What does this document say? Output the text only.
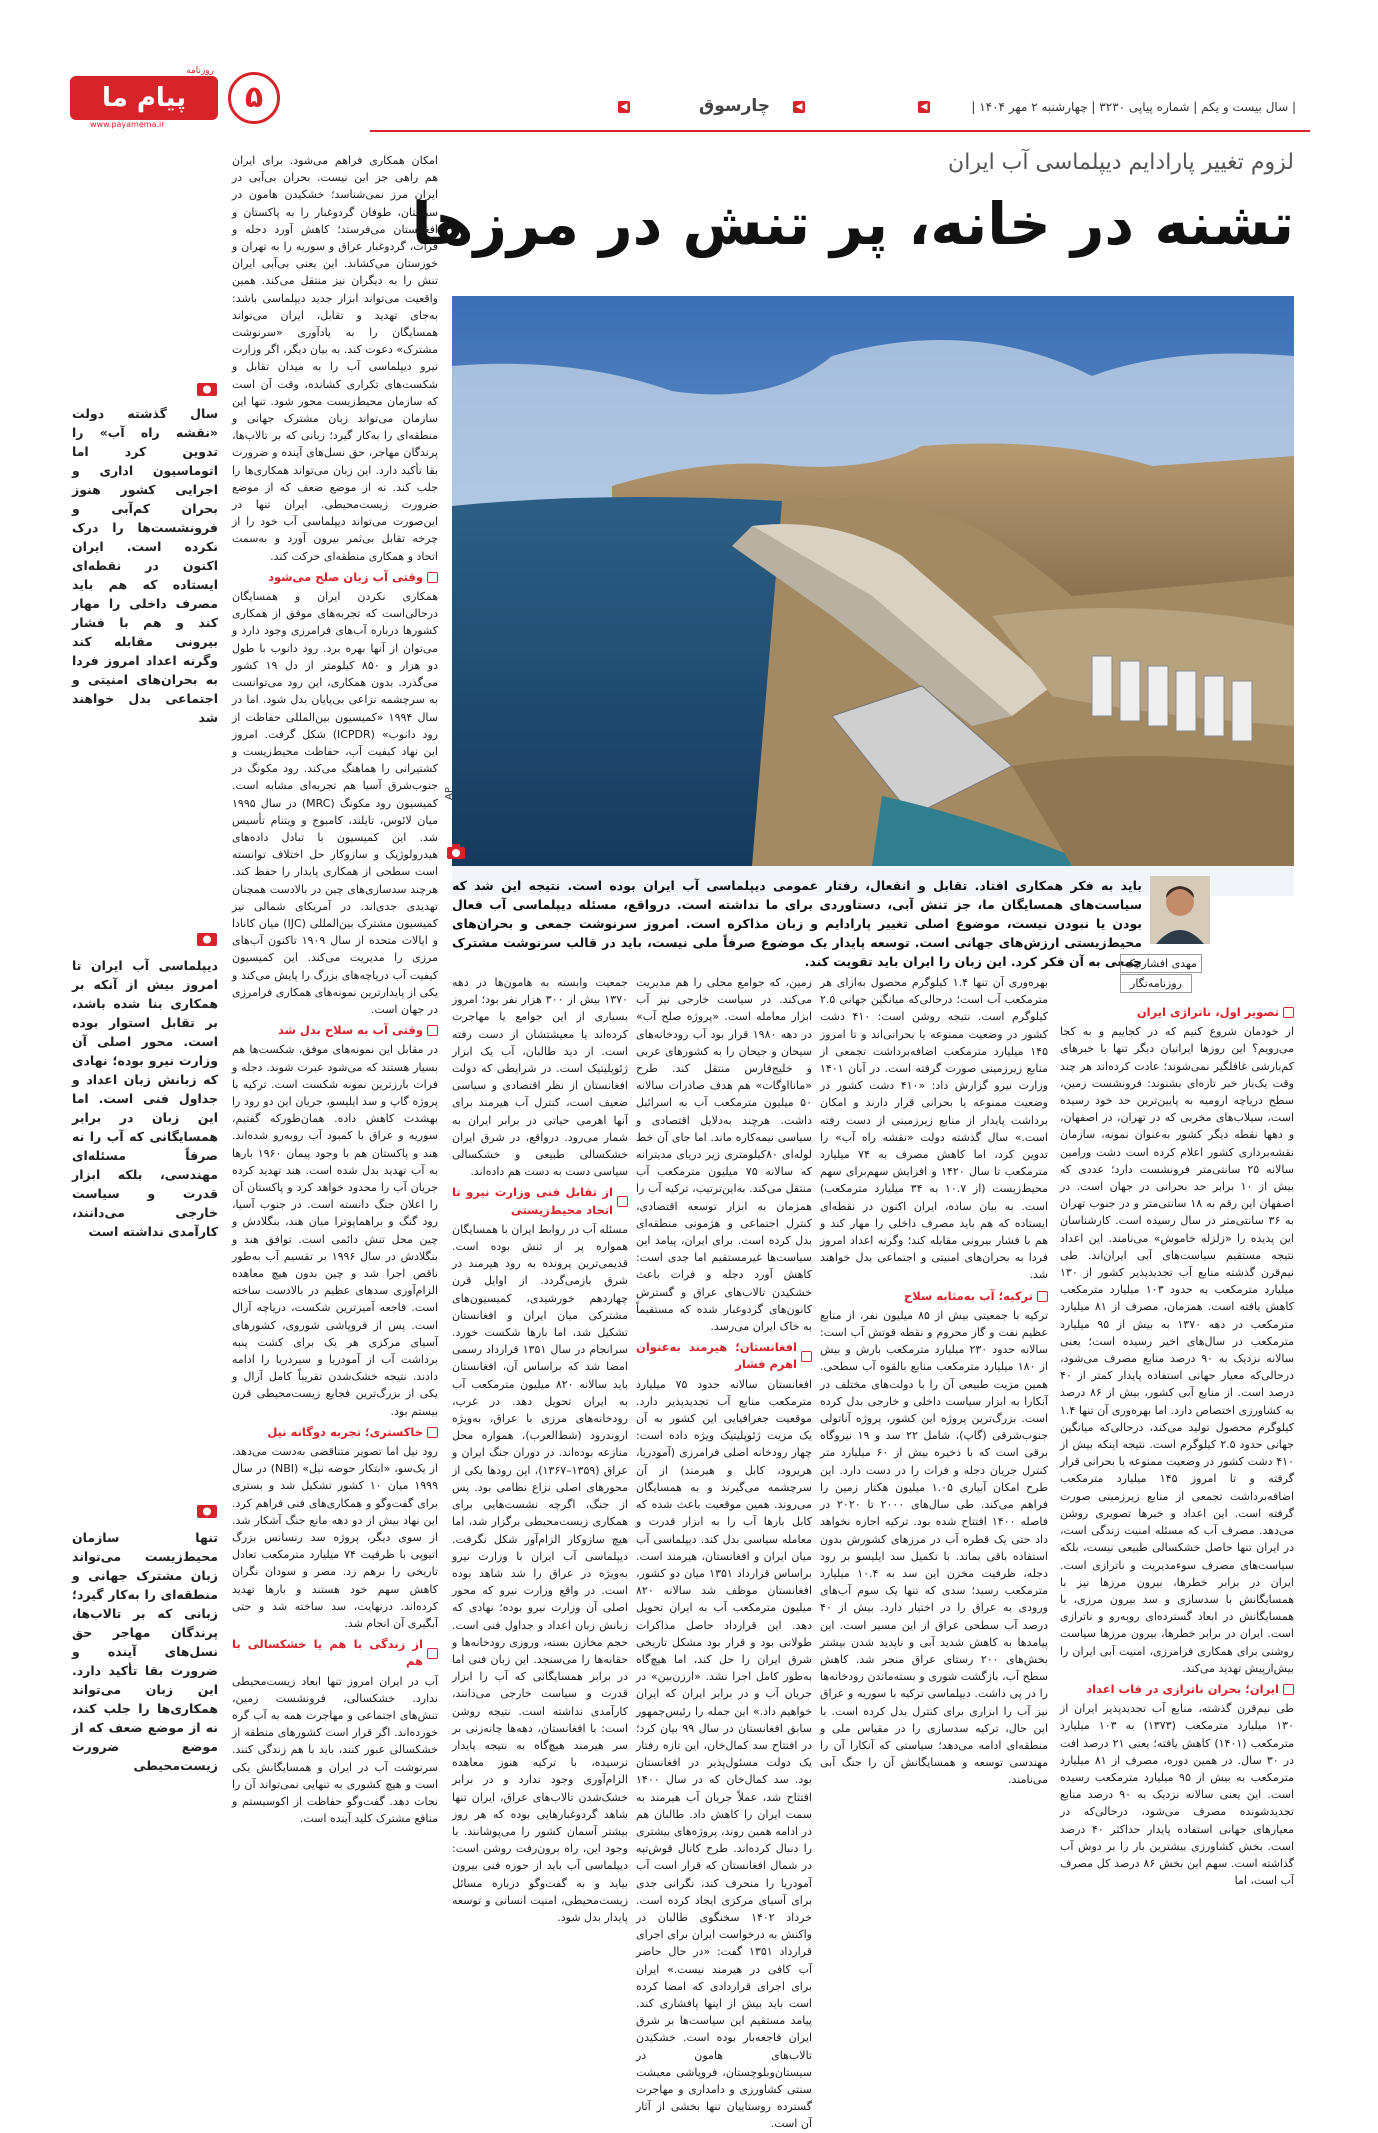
| سال بیست و یکم | شماره پیاپی ۳۲۳۰ | چهارشنبه ۲ مهر ۱۴۰۴ |
◀	چارسوق	◀	◀
پیام ما
روزنامه
www.payamema.ir
۵
لزوم تغییر پارادایم دیپلماسی آب ایران
تشنه در خانه، پر تنش در مرزها
AP
باید به فکر همکاری افتاد. تقابل و انفعال، رفتار عمومی دیپلماسی آب ایران بوده است. نتیجه این شد که سیاست‌های همسایگان ما، جز تنش آبی، دستاوردی برای ما نداشته است. درواقع، مسئله دیپلماسی آب فعال بودن یا نبودن نیست، موضوع اصلی تغییر پارادایم و زبان مذاکره است. امروز سرنوشت جمعی و بحران‌های محیط‌زیستی ارزش‌های جهانی است. توسعه پایدار یک موضوع صرفاً ملی نیست، باید در قالب سرنوشت مشترک جمعی به آن فکر کرد. این زبان را ایران باید تقویت کند.
مهدی افشارنیک
روزنامه‌نگار
تصویر اول، ناتراژی ایران

از خودمان شروع کنیم که در کجاییم و به کجا می‌رویم؟ این روزها ایرانیان دیگر تنها با خبرهای کم‌بارشی غافلگیر نمی‌شوند؛ عادت کرده‌اند هر چند وقت یک‌بار خبر تازه‌ای بشنوند: فرونشست زمین، سطح دریاچه ارومیه به پایین‌ترین حد خود رسیده است، سیلاب‌های مخربی که در تهران، در اصفهان، و دهها نقطه دیگر کشور به‌عنوان نمونه، سازمان نقشه‌برداری کشور اعلام کرده است دشت ورامین سالانه ۲۵ سانتی‌متر فرونشست دارد؛ عددی که بیش از ۱۰ برابر حد بحرانی در جهان است. در اصفهان این رقم به ۱۸ سانتی‌متر و در جنوب تهران به ۳۶ سانتی‌متر در سال رسیده است. کارشناسان این پدیده را «زلزله خاموش» می‌نامند. این اعداد نتیجه مستقیم سیاست‌های آبی ایران‌اند. طی نیم‌قرن گذشته منابع آب تجدیدپذیر کشور از ۱۳۰ میلیارد مترمکعب به حدود ۱۰۳ میلیارد مترمکعب کاهش یافته است. همزمان، مصرف از ۸۱ میلیارد مترمکعب در دهه ۱۳۷۰ به بیش از ۹۵ میلیارد مترمکعب در سال‌های اخیر رسیده است؛ یعنی سالانه نزدیک به ۹۰ درصد منابع مصرف می‌شود، درحالی‌که معیار جهانی استفاده پایدار کمتر از ۴۰ درصد است. از منابع آبی کشور، بیش از ۸۶ درصد به کشاورزی اختصاص دارد. اما بهره‌وری آن تنها ۱.۴ کیلوگرم محصول تولید می‌کند، درحالی‌که میانگین جهانی حدود ۲.۵ کیلوگرم است. نتیجه اینکه بیش از ۴۱۰ دشت کشور در وضعیت ممنوعه یا بحرانی قرار گرفته و تا امروز ۱۴۵ میلیارد مترمکعب اضافه‌برداشت تجمعی از منابع زیرزمینی صورت گرفته است. این اعداد و خبرها تصویری روشن می‌دهد. مصرف آب که مسئله امنیت زندگی است، در ایران تنها حاصل خشکسالی طبیعی نیست، بلکه سیاست‌های مصرف سوءمدیریت و ناترازی است. ایران در برابر خطرها، بیرون مرزها نیز با همسایگانش با سدسازی و سد بیرون مرزی، با همسایگانش در ابعاد گسترده‌ای روبه‌رو و ناترازی است. ایران در برابر خطرها، بیرون مرزها سیاست روشنی برای همکاری فرامرزی، امنیت آبی ایران را بیش‌ازپیش تهدید می‌کند.

ایران؛ بحران ناترازی در قاب اعداد

طی نیم‌قرن گذشته، منابع آب تجدیدپذیر ایران از ۱۳۰ میلیارد مترمکعب (۱۳۷۳) به ۱۰۳ میلیارد مترمکعب (۱۴۰۱) کاهش یافته؛ یعنی ۲۱ درصد افت در ۳۰ سال. در همین دوره، مصرف از ۸۱ میلیارد مترمکعب به بیش از ۹۵ میلیارد مترمکعب رسیده است. این یعنی سالانه نزدیک به ۹۰ درصد منابع تجدیدشونده مصرف می‌شود، درحالی‌که در معیارهای جهانی استفاده پایدار حداکثر ۴۰ درصد است. بخش کشاورزی بیشترین بار را بر دوش آب گذاشته است. سهم این بخش ۸۶ درصد کل مصرف آب است، اما

بهره‌وری آن تنها ۱.۴ کیلوگرم محصول به‌ازای هر مترمکعب آب است؛ درحالی‌که میانگین جهانی ۲.۵ کیلوگرم است. نتیجه روشن است: ۴۱۰ دشت کشور در وضعیت ممنوعه یا بحرانی‌اند و تا امروز ۱۴۵ میلیارد مترمکعب اضافه‌برداشت تجمعی از منابع زیرزمینی صورت گرفته است. در آبان ۱۴۰۱ وزارت نیرو گزارش داد: «۴۱۰ دشت کشور در وضعیت ممنوعه یا بحرانی قرار دارند و امکان برداشت پایدار از منابع زیرزمینی از دست رفته است.» سال گذشته دولت «نقشه راه آب» را تدوین کرد، اما کاهش مصرف به ۷۴ میلیارد مترمکعب تا سال ۱۴۲۰ و افزایش سهم‌برای سهم محیط‌زیست (از ۱۰.۷ به ۳۴ میلیارد مترمکعب) است. به بیان ساده، ایران اکنون در نقطه‌ای ایستاده که هم باید مصرف داخلی را مهار کند و هم با فشار بیرونی مقابله کند؛ وگرنه اعداد امروز فردا به بحران‌های امنیتی و اجتماعی بدل خواهند شد.

ترکیه؛ آب به‌مثابه سلاح

ترکیه با جمعیتی بیش از ۸۵ میلیون نفر، از منابع عظیم نفت و گاز محروم و نقطه قوتش آب است: سالانه حدود ۲۳۰ میلیارد مترمکعب بارش و بیش از ۱۸۰ میلیارد مترمکعب منابع بالقوه آب سطحی. همین مزیت طبیعی آن را با دولت‌های مختلف در آنکارا به ابزار سیاست داخلی و خارجی بدل کرده است. بزرگ‌ترین پروژه این کشور، پروژه آناتولی جنوب‌شرقی (گاپ)، شامل ۲۲ سد و ۱۹ نیروگاه برقی است که با ذخیره بیش از ۶۰ میلیارد متر کنترل جریان دجله و فرات را در دست دارد. این طرح امکان آبیاری ۱.۰۵ میلیون هکتار زمین را فراهم می‌کند. طی سال‌های ۲۰۰۰ تا ۲۰۲۰ در فاصله ۱۴۰۰ افتتاح شده بود. ترکیه اجازه نخواهد داد حتی یک قطره آب در مرزهای کشورش بدون استفاده باقی بماند. با تکمیل سد ایلیسو بر رود دجله، ظرفیت مخزن این سد به ۱۰.۴ میلیارد مترمکعب رسید؛ سدی که تنها یک سوم آب‌های ورودی به عراق را در اختیار دارد. بیش از ۴۰ درصد آب سطحی عراق از این مسیر است. این پیامدها به کاهش شدید آبی و ناپدید شدن بیشتر بخش‌های ۲۰۰ رستای عراق منجر شد. کاهش سطح آب، بازگشت شوری و بسته‌ماندن رودخانه‌ها را در پی داشت. دیپلماسی ترکیه با سوریه و عراق نیز آب را ابزاری برای کنترل بدل کرده است. با این حال، ترکیه سدسازی را در مقیاس ملی و منطقه‌ای ادامه می‌دهد؛ سیاستی که آنکارا آن را مهندسی توسعه و همسایگانش آن را جنگ آبی می‌نامند.

زمین، که جوامع محلی را هم مدیریت می‌کند. در سیاست خارجی نیز آب ابزار معامله است. «پروژه صلح آب» در دهه ۱۹۸۰ قرار بود آب رودخانه‌های سیحان و جیحان را به کشورهای عربی و خلیج‌فارس منتقل کند. طرح «مانااوگات» هم هدف صادرات سالانه ۵۰ میلیون مترمکعب آب به اسرائیل داشت. هرچند به‌دلایل اقتصادی و سیاسی نیمه‌کاره ماند. اما جای آن خط لوله‌ای ۸۰کیلومتری زیر دریای مدیترانه که سالانه ۷۵ میلیون مترمکعب آب منتقل می‌کند. به‌این‌ترتیب، ترکیه آب را همزمان به ابزار توسعه اقتصادی، کنترل اجتماعی و هژمونی منطقه‌ای بدل کرده است. برای ایران، پیامد این سیاست‌ها غیرمستقیم اما جدی است: کاهش آورد دجله و فرات باعث خشکیدن تالاب‌های عراق و گسترش کانون‌های گردوغبار شده که مستقیماً به خاک ایران می‌رسد.

افغانستان؛ هیرمند به‌عنوان اهرم فشار

افغانستان سالانه حدود ۷۵ میلیارد مترمکعب منابع آب تجدیدپذیر دارد. موقعیت جغرافیایی این کشور به آن یک مزیت ژئوپلیتیک ویژه داده است: چهار رودخانه اصلی فرامرزی (آمودریا، هریرود، کابل و هیرمند) از آن سرچشمه می‌گیرند و به همسایگان می‌روند. همین موقعیت باعث شده که کابل بارها آب را به ابزار قدرت و معامله سیاسی بدل کند. دیپلماسی آب میان ایران و افغانستان، هیرمند است. براساس قرارداد ۱۳۵۱ میان دو کشور، افغانستان موظف شد سالانه ۸۲۰ میلیون مترمکعب آب به ایران تحویل دهد. این قرارداد حاصل مذاکرات طولانی بود و قرار بود مشکل تاریخی شرق ایران را حل کند، اما هیچ‌گاه به‌طور کامل اجرا نشد. «ارزن‌بین» در جریان آب و در برابر ایران که ایران خواهیم داد.» این جمله را رئیس‌جمهور سابق افغانستان در سال ۹۹ بیان کرد؛ در افتتاح سد کمال‌خان، این تازه رفتار یک دولت مسئول‌پذیر در افغانستان بود. سد کمال‌خان که در سال ۱۴۰۰ افتتاح شد، عملاً جریان آب هیرمند به سمت ایران را کاهش داد. طالبان هم در ادامه همین روند، پروژه‌های بیشتری را دنبال کرده‌اند. طرح کانال قوش‌تپه در شمال افغانستان که قرار است آب آمودریا را منحرف کند، نگرانی جدی برای آسیای مرکزی ایجاد کرده است. خرداد ۱۴۰۲ سخنگوی طالبان در واکنش به درخواست ایران برای اجرای قرارداد ۱۳۵۱ گفت: «در حال حاضر آب کافی در هیرمند نیست.» ایران برای اجرای قراردادی که امضا کرده است باید بیش از اینها پافشاری کند. پیامد مستقیم این سیاست‌ها بر شرق ایران فاجعه‌بار بوده است. خشکیدن تالاب‌های هامون در سیستان‌وبلوچستان، فروپاشی معیشت سنتی کشاورزی و دامداری و مهاجرت گسترده روستاییان تنها بخشی از آثار آن است.

جمعیت وابسته به هامون‌ها در دهه ۱۳۷۰ بیش از ۳۰۰ هزار نفر بود؛ امروز بسیاری از این جوامع یا مهاجرت کرده‌اند یا معیشتشان از دست رفته است. از دید طالبان، آب یک ابزار ژئوپلیتیک است. در شرایطی که دولت افغانستان از نظر اقتصادی و سیاسی ضعیف است، کنترل آب هیرمند برای آنها اهرمی حیاتی در برابر ایران به شمار می‌رود. درواقع، در شرق ایران خشکسالی طبیعی و خشکسالی سیاسی دست به دست هم داده‌اند.

از تقابل فنی وزارت نیرو تا اتحاد محیط‌زیستی

مسئله آب در روابط ایران با همسایگان همواره پر از تنش بوده است. قدیمی‌ترین پرونده به رود هیرمند در شرق بازمی‌گردد. از اوایل قرن چهاردهم خورشیدی، کمیسیون‌های مشترکی میان ایران و افغانستان تشکیل شد، اما بارها شکست خورد. سرانجام در سال ۱۳۵۱ قرارداد رسمی امضا شد که براساس آن، افغانستان باید سالانه ۸۲۰ میلیون مترمکعب آب به ایران تحویل دهد. در غرب، رودخانه‌های مرزی با عراق، به‌ویژه اروندرود (شط‌العرب)، همواره محل منازعه بوده‌اند. در دوران جنگ ایران و عراق (۱۳۵۹–۱۳۶۷)، این رودها یکی از محورهای اصلی نزاع نظامی بود. پس از جنگ، اگرچه نشست‌هایی برای همکاری زیست‌محیطی برگزار شد، اما هیچ سازوکار الزام‌آور شکل نگرفت. دیپلماسی آب ایران با وزارت نیرو به‌ویژه در عراق را شد شاهد بوده است. در واقع وزارت نیرو که محور اصلی آن وزارت نیرو بوده؛ نهادی که زبانش زبان اعداد و جداول فنی است. حجم مخازن بسته، وروزی رودخانه‌ها و حقابه‌ها را می‌سنجد. این زبان فنی اما در برابر همسایگانی که آب را ابزار قدرت و سیاست خارجی می‌دانند، کارآمدی نداشته است. نتیجه روشن است: با افغانستان، دهه‌ها چانه‌زنی بر سر هیرمند هیچ‌گاه به نتیجه پایدار نرسیده، با ترکیه هنوز معاهده الزام‌آوری وجود ندارد و در برابر خشک‌شدن تالاب‌های عراق، ایران تنها شاهد گردوغبارهایی بوده که هر روز بیشتر آسمان کشور را می‌پوشانند. با وجود این، راه برون‌رفت روشن است: دیپلماسی آب باید از حوزه فنی بیرون بیاید و به گفت‌وگو درباره مسائل زیست‌محیطی، امنیت انسانی و توسعه پایدار بدل شود.

امکان همکاری فراهم می‌شود. برای ایران هم راهی جز این نیست. بحران بی‌آبی در ایران مرز نمی‌شناسد؛ خشکیدن هامون در سیستان، طوفان گردوغبار را به پاکستان و افغانستان می‌فرستد؛ کاهش آورد دجله و فرات، گردوغبار عراق و سوریه را به تهران و خوزستان می‌کشاند. این یعنی بی‌آبی ایران تنش را به دیگران نیز منتقل می‌کند. همین واقعیت می‌تواند ابزار جدید دیپلماسی باشد: به‌جای تهدید و تقابل، ایران می‌تواند همسایگان را به یادآوری «سرنوشت مشترک» دعوت کند. به بیان دیگر، اگر وزارت نیرو دیپلماسی آب را به میدان تقابل و شکست‌های تکراری کشانده، وقت آن است که سازمان محیط‌زیست محور شود. تنها این سازمان می‌تواند زبان مشترک جهانی و منطقه‌ای را به‌کار گیرد؛ زبانی که بر تالاب‌ها، پرندگان مهاجر، حق نسل‌های آینده و ضرورت بقا تأکید دارد. این زبان می‌تواند همکاری‌ها را جلب کند. نه از موضع ضعف که از موضع ضرورت زیست‌محیطی. ایران تنها در این‌صورت می‌تواند دیپلماسی آب خود را از چرخه تقابل بی‌ثمر بیرون آورد و به‌سمت اتحاد و همکاری منطقه‌ای حرکت کند.

وقتی آب زبان صلح می‌شود

همکاری نکردن ایران و همسایگان درحالی‌است که تجربه‌های موفق از همکاری کشورها درباره آب‌های فرامرزی وجود دارد و می‌توان از آنها بهره برد. رود دانوب با طول دو هزار و ۸۵۰ کیلومتر از دل ۱۹ کشور می‌گذرد. بدون همکاری، این رود می‌توانست به سرچشمه نزاعی بی‌پایان بدل شود. اما در سال ۱۹۹۴ «کمیسیون بین‌المللی حفاظت از رود دانوب» (ICPDR) شکل گرفت. امروز این نهاد کیفیت آب، حفاظت محیط‌زیست و کشتیرانی را هماهنگ می‌کند. رود مکونگ در جنوب‌شرق آسیا هم تجربه‌ای مشابه است. کمیسیون رود مکونگ (MRC) در سال ۱۹۹۵ میان لائوس، تایلند، کامبوج و ویتنام تأسیس شد. این کمیسیون با تبادل داده‌های هیدرولوژیک و سازوکار حل اختلاف توانسته است سطحی از همکاری پایدار را حفظ کند. هرچند سدسازی‌های چین در بالادست همچنان تهدیدی جدی‌اند. در آمریکای شمالی نیز کمیسیون مشترک بین‌المللی (IJC) میان کانادا و ایالات متحده از سال ۱۹۰۹ تاکنون آب‌های مرزی را مدیریت می‌کند. این کمیسیون کیفیت آب دریاچه‌های بزرگ را پایش می‌کند و یکی از پایدارترین نمونه‌های همکاری فرامرزی در جهان است.

وقتی آب به سلاح بدل شد

در مقابل این نمونه‌های موفق، شکست‌ها هم بسیار هستند که می‌شود عبرت شوند. دجله و فرات بارزترین نمونه شکست است. ترکیه با پروژه گاپ و سد ایلیسو، جریان این دو رود را بهشدت کاهش داده. همان‌طورکه گفتیم، سوریه و عراق با کمبود آب روبه‌رو شده‌اند. هند و پاکستان هم با وجود پیمان ۱۹۶۰ بارها به آب تهدید بدل شده است. هند تهدید کرده جریان آب را محدود خواهد کرد و پاکستان آن را اعلان جنگ دانسته است. در جنوب آسیا، رود گنگ و براهماپوترا میان هند، بنگلادش و چین محل تنش دائمی است. توافق هند و بنگلادش در سال ۱۹۹۶ بر تقسیم آب به‌طور ناقص اجرا شد و چین بدون هیچ معاهده الزام‌آوری سدهای عظیم در بالادست ساخته است. فاجعه آمیزترین شکست، دریاچه آرال است. پس از فروپاشی شوروی، کشورهای آسیای مرکزی هر یک برای کشت پنبه برداشت آب از آمودریا و سیردریا را ادامه دادند. نتیجه خشک‌شدن تقریباً کامل آرال و یکی از بزرگ‌ترین فجایع زیست‌محیطی قرن بیستم بود.

خاکستری؛ تجربه دوگانه نیل

رود نیل اما تصویر متناقضی به‌دست می‌دهد. از یک‌سو، «ابتکار حوضه نیل» (NBI) در سال ۱۹۹۹ میان ۱۰ کشور تشکیل شد و بستری برای گفت‌وگو و همکاری‌های فنی فراهم کرد. این نهاد بیش از دو دهه مانع جنگ آشکار شد. از سوی دیگر، پروژه سد رنسانس بزرگ اتیوپی با ظرفیت ۷۴ میلیارد مترمکعب تعادل تاریخی را برهم زد. مصر و سودان نگران کاهش سهم خود هستند و بارها تهدید کرده‌اند. درنهایت، سد ساخته شد و حتی آبگیری آن انجام شد.

از زندگی با هم یا خشکسالی با هم

آب در ایران امروز تنها ابعاد زیست‌محیطی ندارد. خشکسالی، فرونشست زمین، تنش‌های اجتماعی و مهاجرت همه به آب گره خورده‌اند. اگر قرار است کشورهای منطقه از خشکسالی عبور کنند، باید با هم زندگی کنند. سرنوشت آب در ایران و همسایگانش یکی است و هیچ کشوری به تنهایی نمی‌تواند آن را نجات دهد. گفت‌وگو حفاظت از اکوسیستم و منافع مشترک کلید آینده است.

سال گذشته دولت «نقشه راه آب» را تدوین کرد اما اتوماسیون اداری و اجرایی کشور هنوز بحران کم‌آبی و فرونشست‌ها را درک نکرده است. ایران اکنون در نقطه‌ای ایستاده که هم باید مصرف داخلی را مهار کند و هم با فشار بیرونی مقابله کند وگرنه اعداد امروز فردا به بحران‌های امنیتی و اجتماعی بدل خواهند شد
دیپلماسی آب ایران تا امروز بیش از آنکه بر همکاری بنا شده باشد، بر تقابل استوار بوده است. محور اصلی آن وزارت نیرو بوده؛ نهادی که زبانش زبان اعداد و جداول فنی است. اما این زبان در برابر همسایگانی که آب را نه صرفاً مسئله‌ای مهندسی، بلکه ابزار قدرت و سیاست خارجی می‌دانند، کارآمدی نداشته است
تنها سازمان محیط‌زیست می‌تواند زبان مشترک جهانی و منطقه‌ای را به‌کار گیرد؛ زبانی که بر تالاب‌ها، پرندگان مهاجر حق نسل‌های آینده و ضرورت بقا تأکید دارد. این زبان می‌تواند همکاری‌ها را جلب کند، نه از موضع ضعف که از موضع ضرورت زیست‌محیطی
